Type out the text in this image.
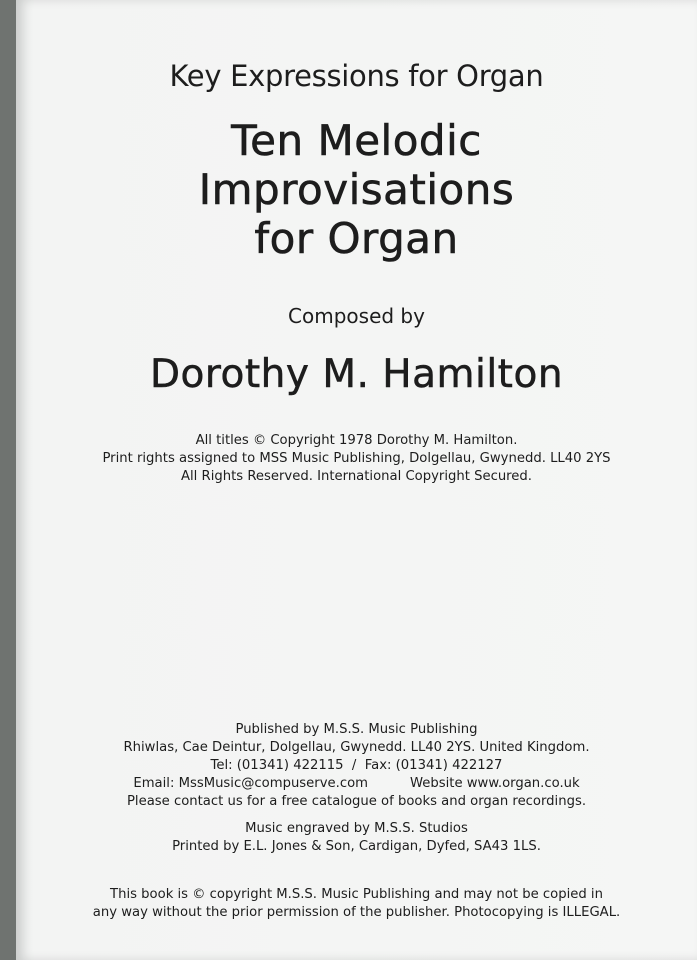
Key Expressions for Organ
Ten Melodic
Improvisations
for Organ
Composed by
Dorothy M. Hamilton
All titles © Copyright 1978 Dorothy M. Hamilton.
Print rights assigned to MSS Music Publishing, Dolgellau, Gwynedd. LL40 2YS
All Rights Reserved. International Copyright Secured.
Published by M.S.S. Music Publishing
Rhiwlas, Cae Deintur, Dolgellau, Gwynedd. LL40 2YS. United Kingdom.
Tel: (01341) 422115  /  Fax: (01341) 422127
Email: MssMusic@compuserve.com	Website www.organ.co.uk
Please contact us for a free catalogue of books and organ recordings.
Music engraved by M.S.S. Studios
Printed by E.L. Jones & Son, Cardigan, Dyfed, SA43 1LS.
This book is © copyright M.S.S. Music Publishing and may not be copied in
any way without the prior permission of the publisher. Photocopying is ILLEGAL.
